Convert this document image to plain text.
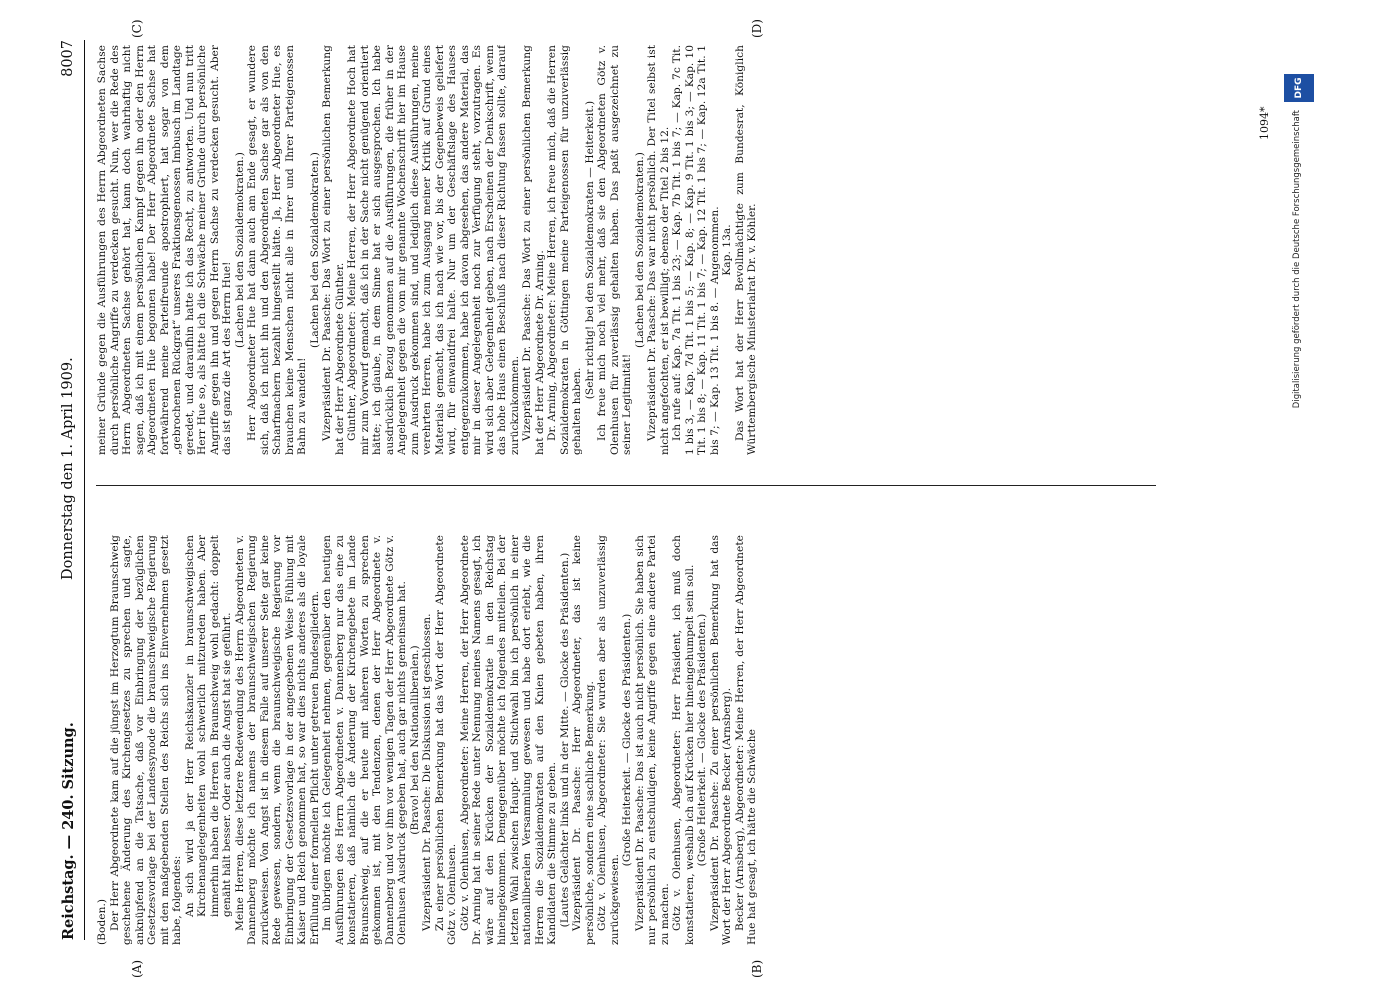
Reichstag. — 240. Sitzung.
Donnerstag den 1. April 1909.
8007
(A)	(B)
(C)	(D)

(Boden.) Der Herr Abgeordnete kam auf die jüngst im Herzogtum Braunschweig geschehene Änderung des Kirchengesetzes zu sprechen und sagte, anknüpfend an die Tatsache, daß vor Einbringung der bezüglichen Gesetzesvorlage bei der Landessynode die braunschweigische Regierung mit den maßgebenden Stellen des Reichs sich ins Einvernehmen gesetzt habe, folgendes: An sich wird ja der Herr Reichskanzler in braunschweigischen Kirchenangelegenheiten wohl schwerlich mitzureden haben. Aber immerhin haben die Herren in Braunschweig wohl gedacht: doppelt genäht hält besser. Oder auch die Angst hat sie geführt. Meine Herren, diese letztere Redewendung des Herrn Abgeordneten v. Dannenberg möchte ich namens der braunschweigischen Regierung zurückweisen. Von Angst ist in diesem Falle auf unserer Seite gar keine Rede gewesen, sondern, wenn die braunschweigische Regierung vor Einbringung der Gesetzesvorlage in der angegebenen Weise Fühlung mit Kaiser und Reich genommen hat, so war dies nichts anderes als die loyale Erfüllung einer formellen Pflicht unter getreuen Bundesgliedern. Im übrigen möchte ich Gelegenheit nehmen, gegenüber den heutigen Ausführungen des Herrn Abgeordneten v. Dannenberg nur das eine zu konstatieren, daß nämlich die Änderung der Kirchengebete im Lande Braunschweig, auf die er heute mit näheren Worten zu sprechen gekommen ist, mit den Tendenzen, denen der Herr Abgeordnete v. Dannenberg und vor ihm vor wenigen Tagen der Herr Abgeordnete Götz v. Olenhusen Ausdruck gegeben hat, auch gar nichts gemeinsam hat. (Bravo! bei den Nationalliberalen.) Vizepräsident Dr. Paasche: Die Diskussion ist geschlossen. Zu einer persönlichen Bemerkung hat das Wort der Herr Abgeordnete Götz v. Olenhusen. Götz v. Olenhusen, Abgeordneter: Meine Herren, der Herr Abgeordnete Dr. Arning hat in seiner Rede unter Nennung meines Namens gesagt, ich wäre auf den Krücken der Sozialdemokratie in den Reichstag hineingekommen. Demgegenüber möchte ich folgendes mitteilen. Bei der letzten Wahl zwischen Haupt- und Stichwahl bin ich persönlich in einer nationalliberalen Versammlung gewesen und habe dort erlebt, wie die Herren die Sozialdemokraten auf den Knien gebeten haben, ihren Kandidaten die Stimme zu geben. (Lautes Gelächter links und in der Mitte. — Glocke des Präsidenten.) Vizepräsident Dr. Paasche: Herr Abgeordneter, das ist keine persönliche, sondern eine sachliche Bemerkung. Götz v. Olenhusen, Abgeordneter: Sie wurden aber als unzuverlässig zurückgewiesen.

(Große Heiterkeit. — Glocke des Präsidenten.) Vizepräsident Dr. Paasche: Das ist auch nicht persönlich. Sie haben sich nur persönlich zu entschuldigen, keine Angriffe gegen eine andere Partei zu machen. Götz v. Olenhusen, Abgeordneter: Herr Präsident, ich muß doch konstatieren, weshalb ich auf Krücken hier hineingehumpelt sein soll. (Große Heiterkeit. — Glocke des Präsidenten.) Vizepräsident Dr. Paasche: Zu einer persönlichen Bemerkung hat das Wort der Herr Abgeordnete Becker (Arnsberg). Becker (Arnsberg), Abgeordneter: Meine Herren, der Herr Abgeordnete Hue hat gesagt, ich hätte die Schwäche

meiner Gründe gegen die Ausführungen des Herrn Abgeordneten Sachse durch persönliche Angriffe zu verdecken gesucht. Nun, wer die Rede des Herrn Abgeordneten Sachse gehört hat, kann doch wahrhaftig nicht sagen, daß ich mit einem persönlichen Kampf gegen ihn oder den Herrn Abgeordneten Hue begonnen habe! Der Herr Abgeordnete Sachse hat fortwährend meine Parteifreunde apostrophiert, hat sogar von dem „gebrochenen Rückgrat“ unseres Fraktionsgenossen Imbusch im Landtage geredet, und daraufhin hatte ich das Recht, zu antworten. Und nun tritt Herr Hue so, als hätte ich die Schwäche meiner Gründe durch persönliche Angriffe gegen ihn und gegen Herrn Sachse zu verdecken gesucht. Aber das ist ganz die Art des Herrn Hue!

(Lachen bei den Sozialdemokraten.) Herr Abgeordneter Hue hat dann auch am Ende gesagt, er wundere sich, daß ich nicht ihn und den Abgeordneten Sachse gar als von den Scharfmachern bezahlt hingestellt hätte. Ja, Herr Abgeordneter Hue, es brauchen keine Menschen nicht alle in Ihrer und Ihrer Parteigenossen Bahn zu wandeln!

(Lachen bei den Sozialdemokraten.) Vizepräsident Dr. Paasche: Das Wort zu einer persönlichen Bemerkung hat der Herr Abgeordnete Günther. Günther, Abgeordneter: Meine Herren, der Herr Abgeordnete Hoch hat mir zum Vorwurf gemacht, daß ich in der Sache nicht genügend orientiert hätte; ich glaube, in dem Sinne hat er sich ausgesprochen. Ich habe ausdrücklich Bezug genommen auf die Ausführungen, die früher in der Angelegenheit gegen die vom mir genannte Wochenschrift hier im Hause zum Ausdruck gekommen sind, und lediglich diese Ausführungen, meine verehrten Herren, habe ich zum Ausgang meiner Kritik auf Grund eines Materials gemacht, das ich nach wie vor, bis der Gegenbeweis geliefert wird, für einwandfrei halte. Nur um der Geschäftslage des Hauses entgegenzukommen, habe ich davon abgesehen, das andere Material, das mir in dieser Angelegenheit noch zur Verfügung steht, vorzutragen. Es wird sich aber Gelegenheit geben, nach Erscheinen der Denkschrift, wenn das hohe Haus einen Beschluß nach dieser Richtung fassen sollte, darauf zurückzukommen. Vizepräsident Dr. Paasche: Das Wort zu einer persönlichen Bemerkung hat der Herr Abgeordnete Dr. Arning. Dr. Arning, Abgeordneter: Meine Herren, ich freue mich, daß die Herren Sozialdemokraten in Göttingen meine Parteigenossen für unzuverlässig gehalten haben.

(Sehr richtig! bei den Sozialdemokraten — Heiterkeit.) Ich freue mich noch viel mehr, daß sie den Abgeordneten Götz v. Olenhusen für zuverlässig gehalten haben. Das paßt ausgezeichnet zu seiner Legitimität!

(Lachen bei den Sozialdemokraten.) Vizepräsident Dr. Paasche: Das war nicht persönlich. Der Titel selbst ist nicht angefochten, er ist bewilligt; ebenso der Titel 2 bis 12. Ich rufe auf: Kap. 7a Tit. 1 bis 23; — Kap. 7b Tit. 1 bis 7; — Kap. 7c Tit. 1 bis 3, — Kap. 7d Tit. 1 bis 5; — Kap. 8; — Kap. 9 Tit. 1 bis 3; — Kap. 10 Tit. 1 bis 8; — Kap. 11 Tit. 1 bis 7; — Kap. 12 Tit. 1 bis 7; — Kap. 12a Tit. 1 bis 7; — Kap. 13 Tit. 1 bis 8. — Angenommen. Kap. 13a. Das Wort hat der Herr Bevollmächtigte zum Bundesrat, Königlich Württembergische Ministerialrat Dr. v. Köhler.

1094* Digitalisierung gefördert durch die Deutsche Forschungsgemeinschaft
DFG
